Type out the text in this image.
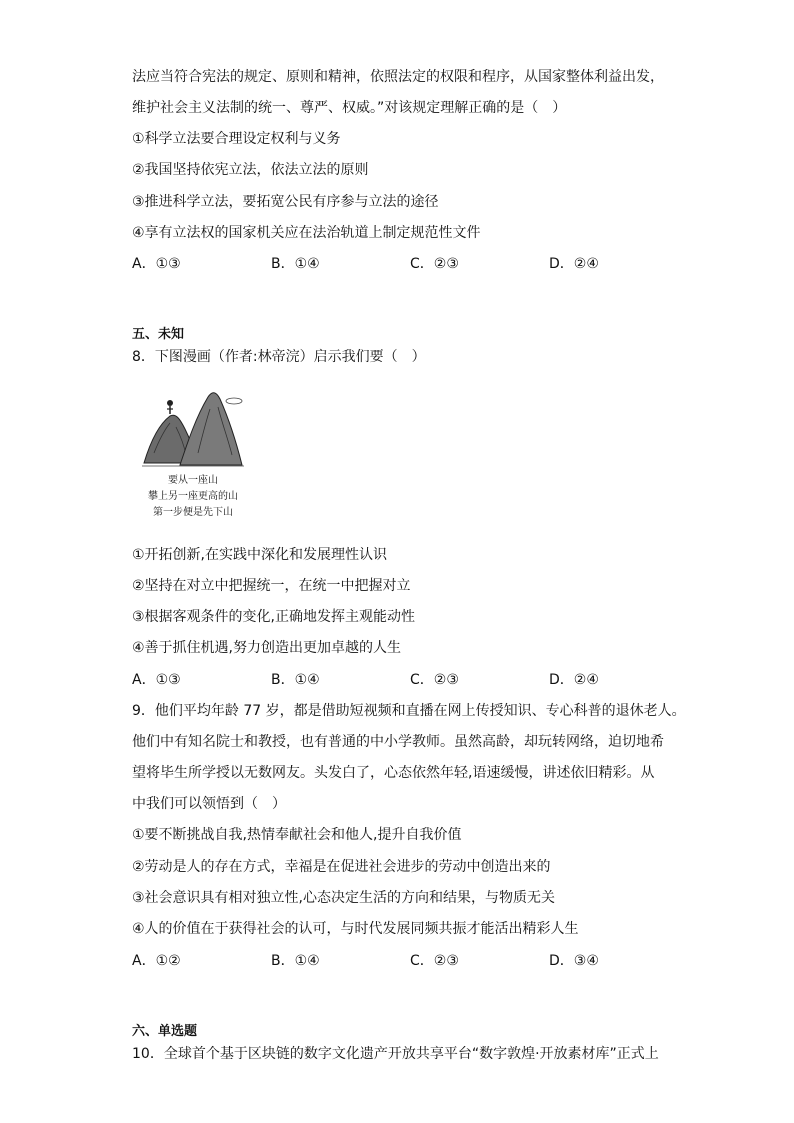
法应当符合宪法的规定、原则和精神，依照法定的权限和程序，从国家整体利益出发，
维护社会主义法制的统一、尊严、权威。”对该规定理解正确的是（　）
①科学立法要合理设定权利与义务
②我国坚持依宪立法，依法立法的原则
③推进科学立法，要拓宽公民有序参与立法的途径
④享有立法权的国家机关应在法治轨道上制定规范性文件
A．①③	B．①④	C．②③	D．②④
五、未知
8．下图漫画（作者:林帝浣）启示我们要（　）
要从一座山
攀上另一座更高的山
第一步便是先下山
①开拓创新,在实践中深化和发展理性认识
②坚持在对立中把握统一，在统一中把握对立
③根据客观条件的变化,正确地发挥主观能动性
④善于抓住机遇,努力创造出更加卓越的人生
A．①③	B．①④	C．②③	D．②④
9．他们平均年龄 77 岁，都是借助短视频和直播在网上传授知识、专心科普的退休老人。
他们中有知名院士和教授，也有普通的中小学教师。虽然高龄，却玩转网络，迫切地希
望将毕生所学授以无数网友。头发白了，心态依然年轻,语速缓慢，讲述依旧精彩。从
中我们可以领悟到（　）
①要不断挑战自我,热情奉献社会和他人,提升自我价值
②劳动是人的存在方式，幸福是在促进社会进步的劳动中创造出来的
③社会意识具有相对独立性,心态决定生活的方向和结果，与物质无关
④人的价值在于获得社会的认可，与时代发展同频共振才能活出精彩人生
A．①②	B．①④	C．②③	D．③④
六、单选题
10．全球首个基于区块链的数字文化遗产开放共享平台“数字敦煌·开放素材库”正式上
